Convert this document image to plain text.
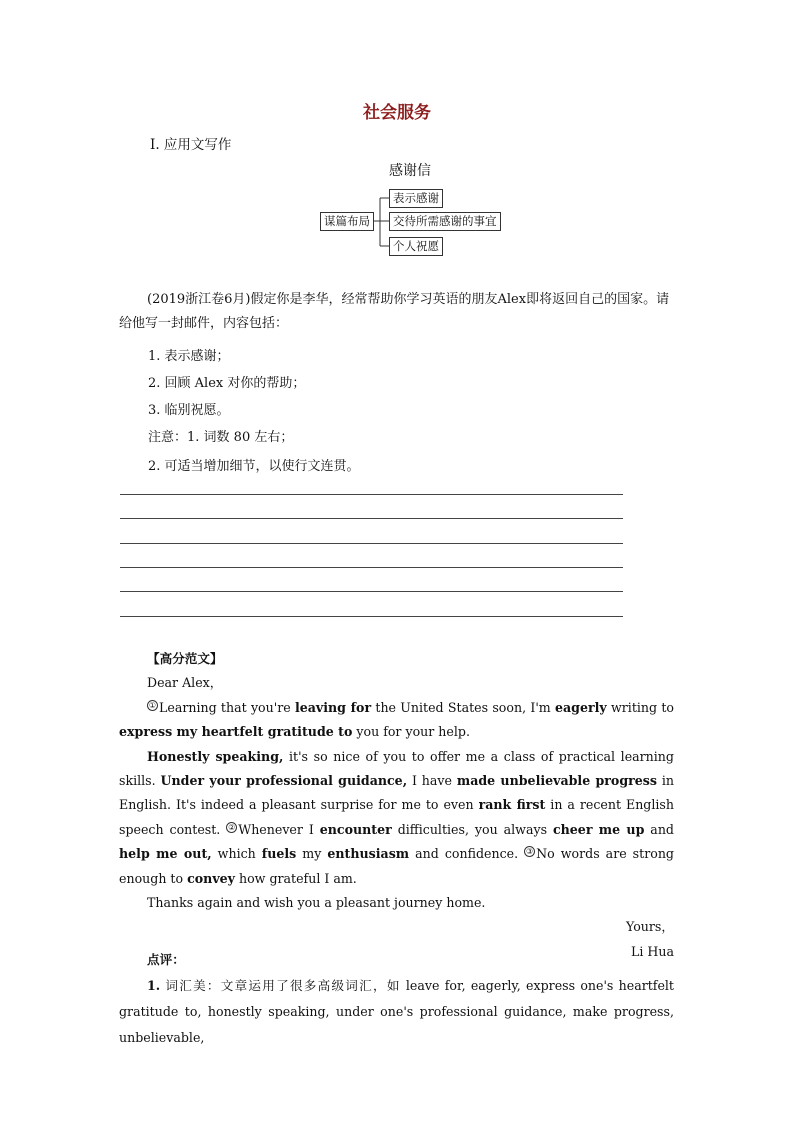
社会服务
Ⅰ. 应用文写作
感谢信
谋篇布局
表示感谢
交待所需感谢的事宜
个人祝愿
(2019浙江卷6月)假定你是李华，经常帮助你学习英语的朋友Alex即将返回自己的国家。请给他写一封邮件，内容包括：
1. 表示感谢；
2. 回顾 Alex 对你的帮助；
3. 临别祝愿。
注意：1. 词数 80 左右；
2. 可适当增加细节，以使行文连贯。

【高分范文】

Dear Alex，

① Learning that you're leaving for the United States soon, I'm eagerly writing to express my heartfelt gratitude to you for your help.

Honestly speaking, it's so nice of you to offer me a class of practical learning skills. Under your professional guidance, I have made unbelievable progress in English. It's indeed a pleasant surprise for me to even rank first in a recent English speech contest. ② Whenever I encounter difficulties, you always cheer me up and help me out, which fuels my enthusiasm and confidence. ③ No words are strong enough to convey how grateful I am.

Thanks again and wish you a pleasant journey home.

Yours，

Li Hua

点评：
1. 词汇美：文章运用了很多高级词汇，如 leave for, eagerly, express one's heartfelt gratitude to, honestly speaking, under one's professional guidance, make progress, unbelievable,
